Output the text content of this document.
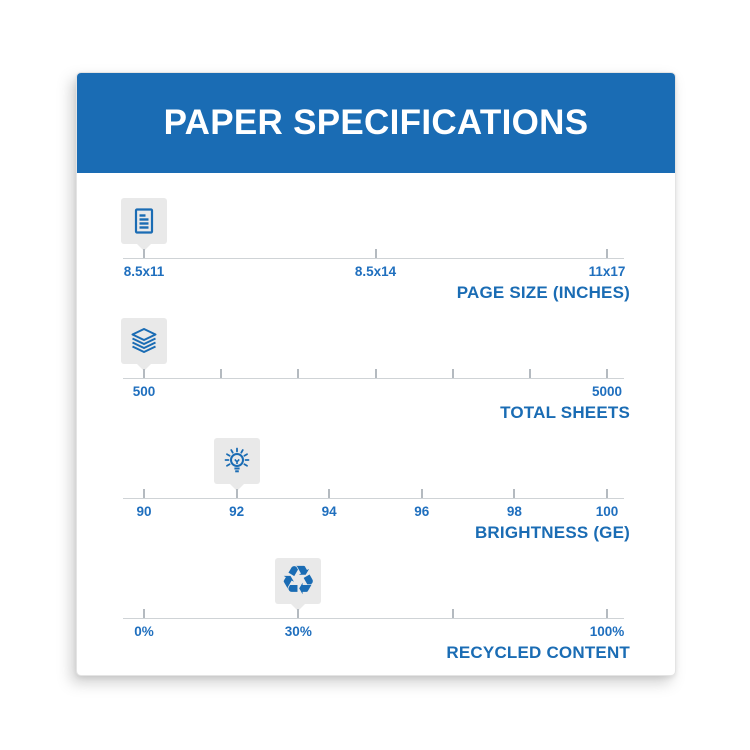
PAPER SPECIFICATIONS
8.5x11	8.5x14	11x17
PAGE SIZE (INCHES)
500	5000
TOTAL SHEETS
90	92	94	96	98	100
BRIGHTNESS (GE)
♻
0%	30%	100%
RECYCLED CONTENT
